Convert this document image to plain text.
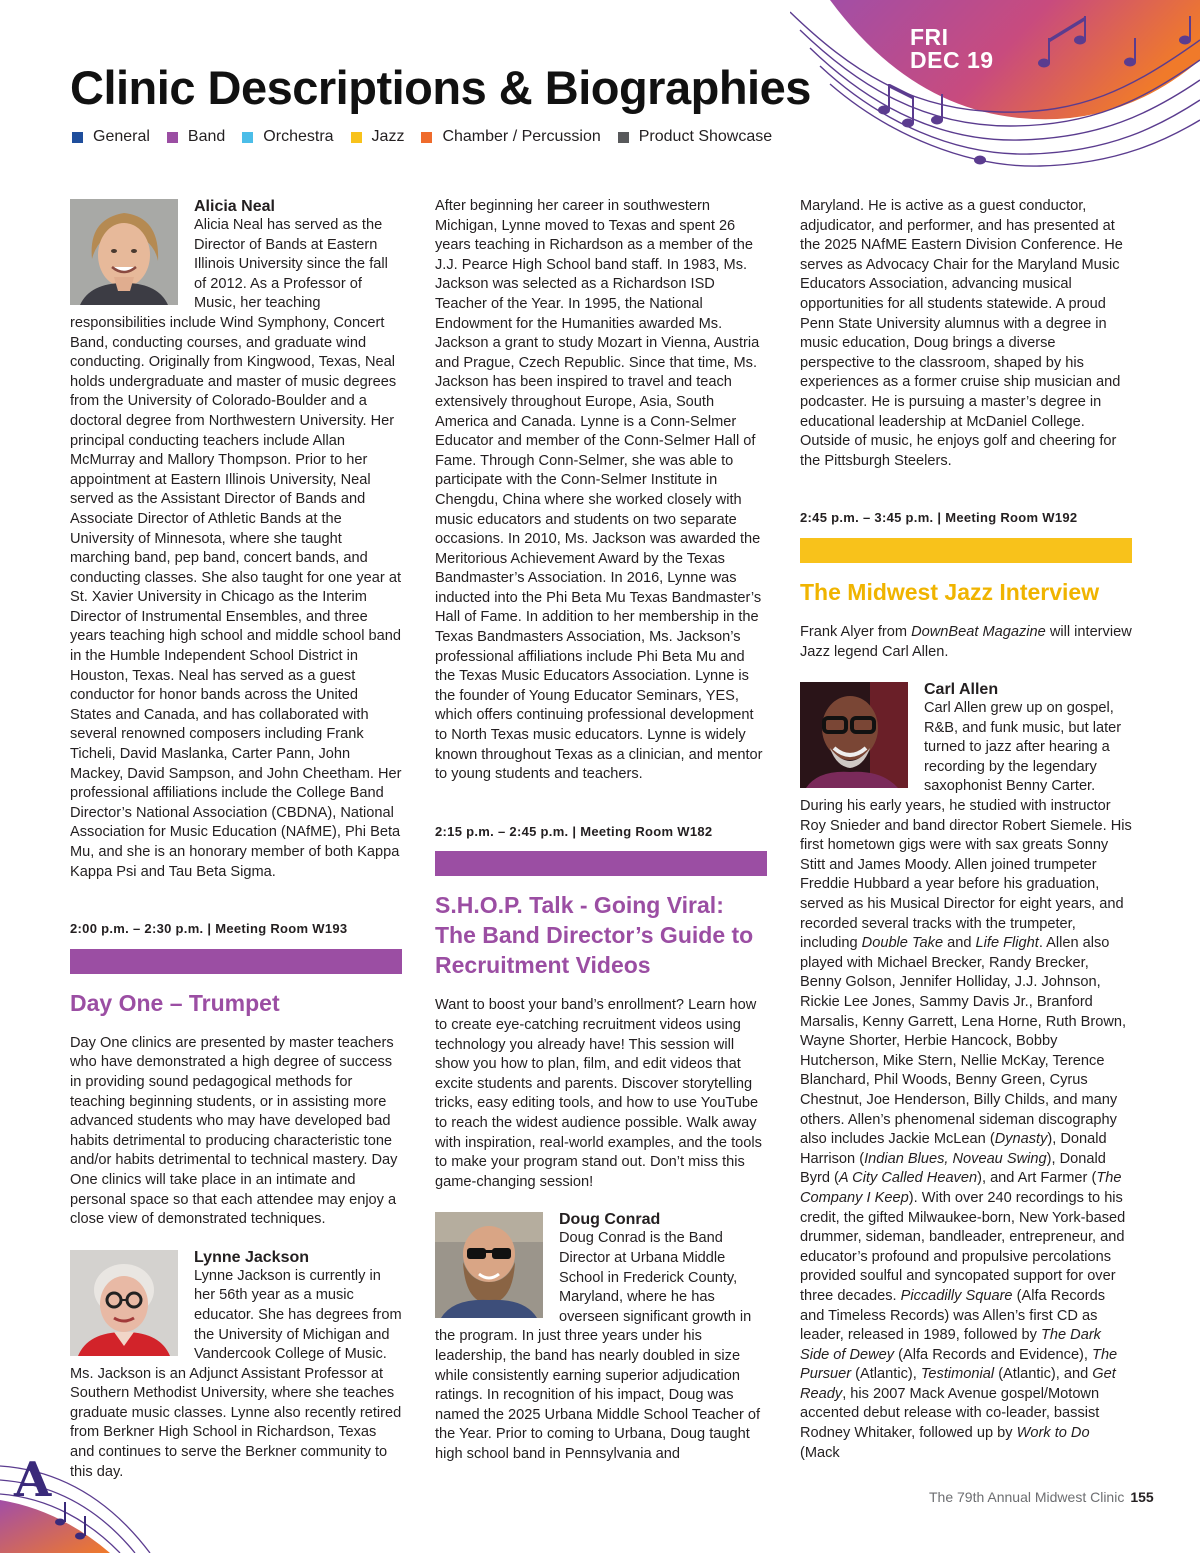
FRI
DEC 19
A
Clinic Descriptions & Biographies
General Band Orchestra Jazz Chamber / Percussion Product Showcase
Alicia Neal

Alicia Neal has served as the Director of Bands at Eastern Illinois University since the fall of 2012. As a Professor of Music, her teaching responsibilities include Wind Symphony, Concert Band, conducting courses, and graduate wind conducting. Originally from Kingwood, Texas, Neal holds undergraduate and master of music degrees from the University of Colorado-Boulder and a doctoral degree from Northwestern University. Her principal conducting teachers include Allan McMurray and Mallory Thompson. Prior to her appointment at Eastern Illinois University, Neal served as the Assistant Director of Bands and Associate Director of Athletic Bands at the University of Minnesota, where she taught marching band, pep band, concert bands, and conducting classes. She also taught for one year at St. Xavier University in Chicago as the Interim Director of Instrumental Ensembles, and three years teaching high school and middle school band in the Humble Independent School District in Houston, Texas. Neal has served as a guest conductor for honor bands across the United States and Canada, and has collaborated with several renowned composers including Frank Ticheli, David Maslanka, Carter Pann, John Mackey, David Sampson, and John Cheetham. Her professional affiliations include the College Band Director’s National Association (CBDNA), National Association for Music Education (NAfME), Phi Beta Mu, and she is an honorary member of both Kappa Kappa Psi and Tau Beta Sigma.

2:00 p.m. – 2:30 p.m. | Meeting Room W193
Day One – Trumpet

Day One clinics are presented by master teachers who have demonstrated a high degree of success in providing sound pedagogical methods for teaching beginning students, or in assisting more advanced students who may have developed bad habits detrimental to producing characteristic tone and/or habits detrimental to technical mastery. Day One clinics will take place in an intimate and personal space so that each attendee may enjoy a close view of demonstrated techniques.

Lynne Jackson

Lynne Jackson is currently in her 56th year as a music educator. She has degrees from the University of Michigan and Vandercook College of Music. Ms. Jackson is an Adjunct Assistant Professor at Southern Methodist University, where she teaches graduate music classes. Lynne also recently retired from Berkner High School in Richardson, Texas and continues to serve the Berkner community to this day.

After beginning her career in southwestern Michigan, Lynne moved to Texas and spent 26 years teaching in Richardson as a member of the J.J. Pearce High School band staff. In 1983, Ms. Jackson was selected as a Richardson ISD Teacher of the Year. In 1995, the National Endowment for the Humanities awarded Ms. Jackson a grant to study Mozart in Vienna, Austria and Prague, Czech Republic. Since that time, Ms. Jackson has been inspired to travel and teach extensively throughout Europe, Asia, South America and Canada. Lynne is a Conn-Selmer Educator and member of the Conn-Selmer Hall of Fame. Through Conn-Selmer, she was able to participate with the Conn-Selmer Institute in Chengdu, China where she worked closely with music educators and students on two separate occasions. In 2010, Ms. Jackson was awarded the Meritorious Achievement Award by the Texas Bandmaster’s Association. In 2016, Lynne was inducted into the Phi Beta Mu Texas Bandmaster’s Hall of Fame. In addition to her membership in the Texas Bandmasters Association, Ms. Jackson’s professional affiliations include Phi Beta Mu and the Texas Music Educators Association. Lynne is the founder of Young Educator Seminars, YES, which offers continuing professional development to North Texas music educators. Lynne is widely known throughout Texas as a clinician, and mentor to young students and teachers.

2:15 p.m. – 2:45 p.m. | Meeting Room W182
S.H.O.P. Talk - Going Viral: The Band Director’s Guide to Recruitment Videos

Want to boost your band’s enrollment? Learn how to create eye-catching recruitment videos using technology you already have! This session will show you how to plan, film, and edit videos that excite students and parents. Discover storytelling tricks, easy editing tools, and how to use YouTube to reach the widest audience possible. Walk away with inspiration, real-world examples, and the tools to make your program stand out. Don’t miss this game-changing session!

Doug Conrad

Doug Conrad is the Band Director at Urbana Middle School in Frederick County, Maryland, where he has overseen significant growth in the program. In just three years under his leadership, the band has nearly doubled in size while consistently earning superior adjudication ratings. In recognition of his impact, Doug was named the 2025 Urbana Middle School Teacher of the Year. Prior to coming to Urbana, Doug taught high school band in Pennsylvania and

Maryland. He is active as a guest conductor, adjudicator, and performer, and has presented at the 2025 NAfME Eastern Division Conference. He serves as Advocacy Chair for the Maryland Music Educators Association, advancing musical opportunities for all students statewide. A proud Penn State University alumnus with a degree in music education, Doug brings a diverse perspective to the classroom, shaped by his experiences as a former cruise ship musician and podcaster. He is pursuing a master’s degree in educational leadership at McDaniel College. Outside of music, he enjoys golf and cheering for the Pittsburgh Steelers.

2:45 p.m. – 3:45 p.m. | Meeting Room W192
The Midwest Jazz Interview

Frank Alyer from DownBeat Magazine will interview Jazz legend Carl Allen.

Carl Allen

Carl Allen grew up on gospel, R&B, and funk music, but later turned to jazz after hearing a recording by the legendary saxophonist Benny Carter. During his early years, he studied with instructor Roy Snieder and band director Robert Siemele. His first hometown gigs were with sax greats Sonny Stitt and James Moody. Allen joined trumpeter Freddie Hubbard a year before his graduation, served as his Musical Director for eight years, and recorded several tracks with the trumpeter, including Double Take and Life Flight. Allen also played with Michael Brecker, Randy Brecker, Benny Golson, Jennifer Holliday, J.J. Johnson, Rickie Lee Jones, Sammy Davis Jr., Branford Marsalis, Kenny Garrett, Lena Horne, Ruth Brown, Wayne Shorter, Herbie Hancock, Bobby Hutcherson, Mike Stern, Nellie McKay, Terence Blanchard, Phil Woods, Benny Green, Cyrus Chestnut, Joe Henderson, Billy Childs, and many others. Allen’s phenomenal sideman discography also includes Jackie McLean (Dynasty), Donald Harrison (Indian Blues, Noveau Swing), Donald Byrd (A City Called Heaven), and Art Farmer (The Company I Keep). With over 240 recordings to his credit, the gifted Milwaukee-born, New York-based drummer, sideman, bandleader, entrepreneur, and educator’s profound and propulsive percolations provided soulful and syncopated support for over three decades. Piccadilly Square (Alfa Records and Timeless Records) was Allen’s first CD as leader, released in 1989, followed by The Dark Side of Dewey (Alfa Records and Evidence), The Pursuer (Atlantic), Testimonial (Atlantic), and Get Ready, his 2007 Mack Avenue gospel/Motown accented debut release with co-leader, bassist Rodney Whitaker, followed up by Work to Do (Mack

The 79th Annual Midwest Clinic 155
